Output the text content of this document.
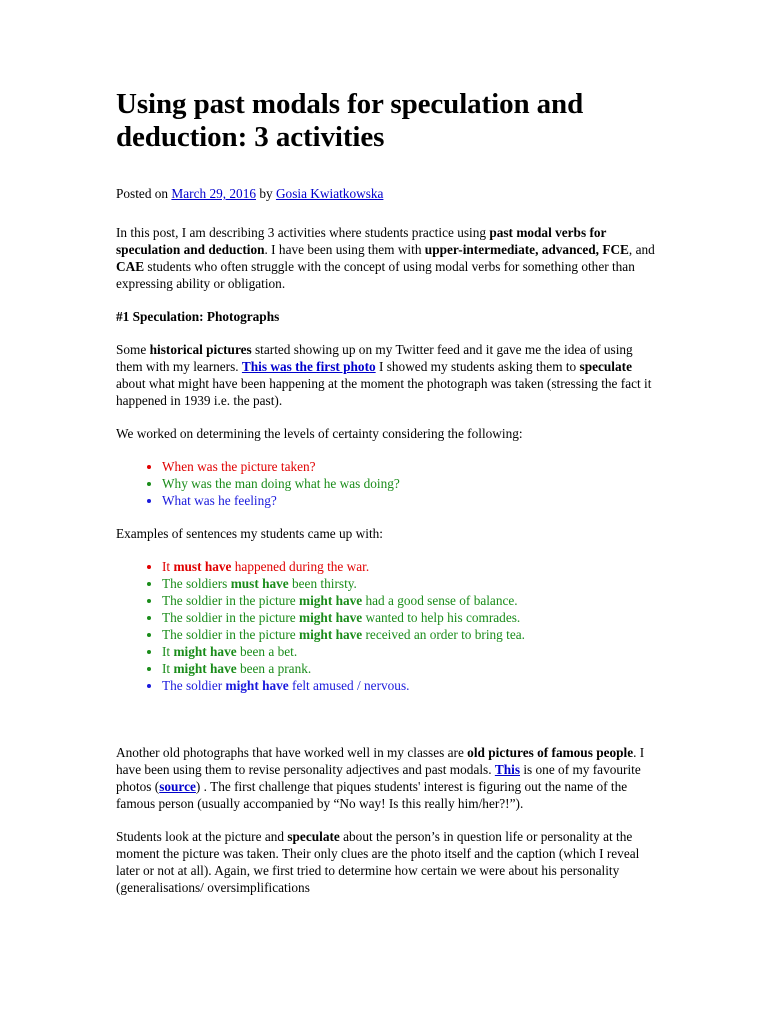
Using past modals for speculation and deduction: 3 activities

Posted on March 29, 2016 by Gosia Kwiatkowska

In this post, I am describing 3 activities where students practice using past modal verbs for speculation and deduction. I have been using them with upper-intermediate, advanced, FCE, and CAE students who often struggle with the concept of using modal verbs for something other than expressing ability or obligation.

#1 Speculation: Photographs

Some historical pictures started showing up on my Twitter feed and it gave me the idea of using them with my learners. This was the first photo I showed my students asking them to speculate about what might have been happening at the moment the photograph was taken (stressing the fact it happened in 1939 i.e. the past).

We worked on determining the levels of certainty considering the following:

• When was the picture taken?
• Why was the man doing what he was doing?
• What was he feeling?

Examples of sentences my students came up with:

• It must have happened during the war.
• The soldiers must have been thirsty.
• The soldier in the picture might have had a good sense of balance.
• The soldier in the picture might have wanted to help his comrades.
• The soldier in the picture might have received an order to bring tea.
• It might have been a bet.
• It might have been a prank.
• The soldier might have felt amused / nervous.

Another old photographs that have worked well in my classes are old pictures of famous people. I have been using them to revise personality adjectives and past modals. This is one of my favourite photos (source) . The first challenge that piques students' interest is figuring out the name of the famous person (usually accompanied by “No way! Is this really him/her?!”).

Students look at the picture and speculate about the person’s in question life or personality at the moment the picture was taken. Their only clues are the photo itself and the caption (which I reveal later or not at all). Again, we first tried to determine how certain we were about his personality (generalisations/ oversimplifications
